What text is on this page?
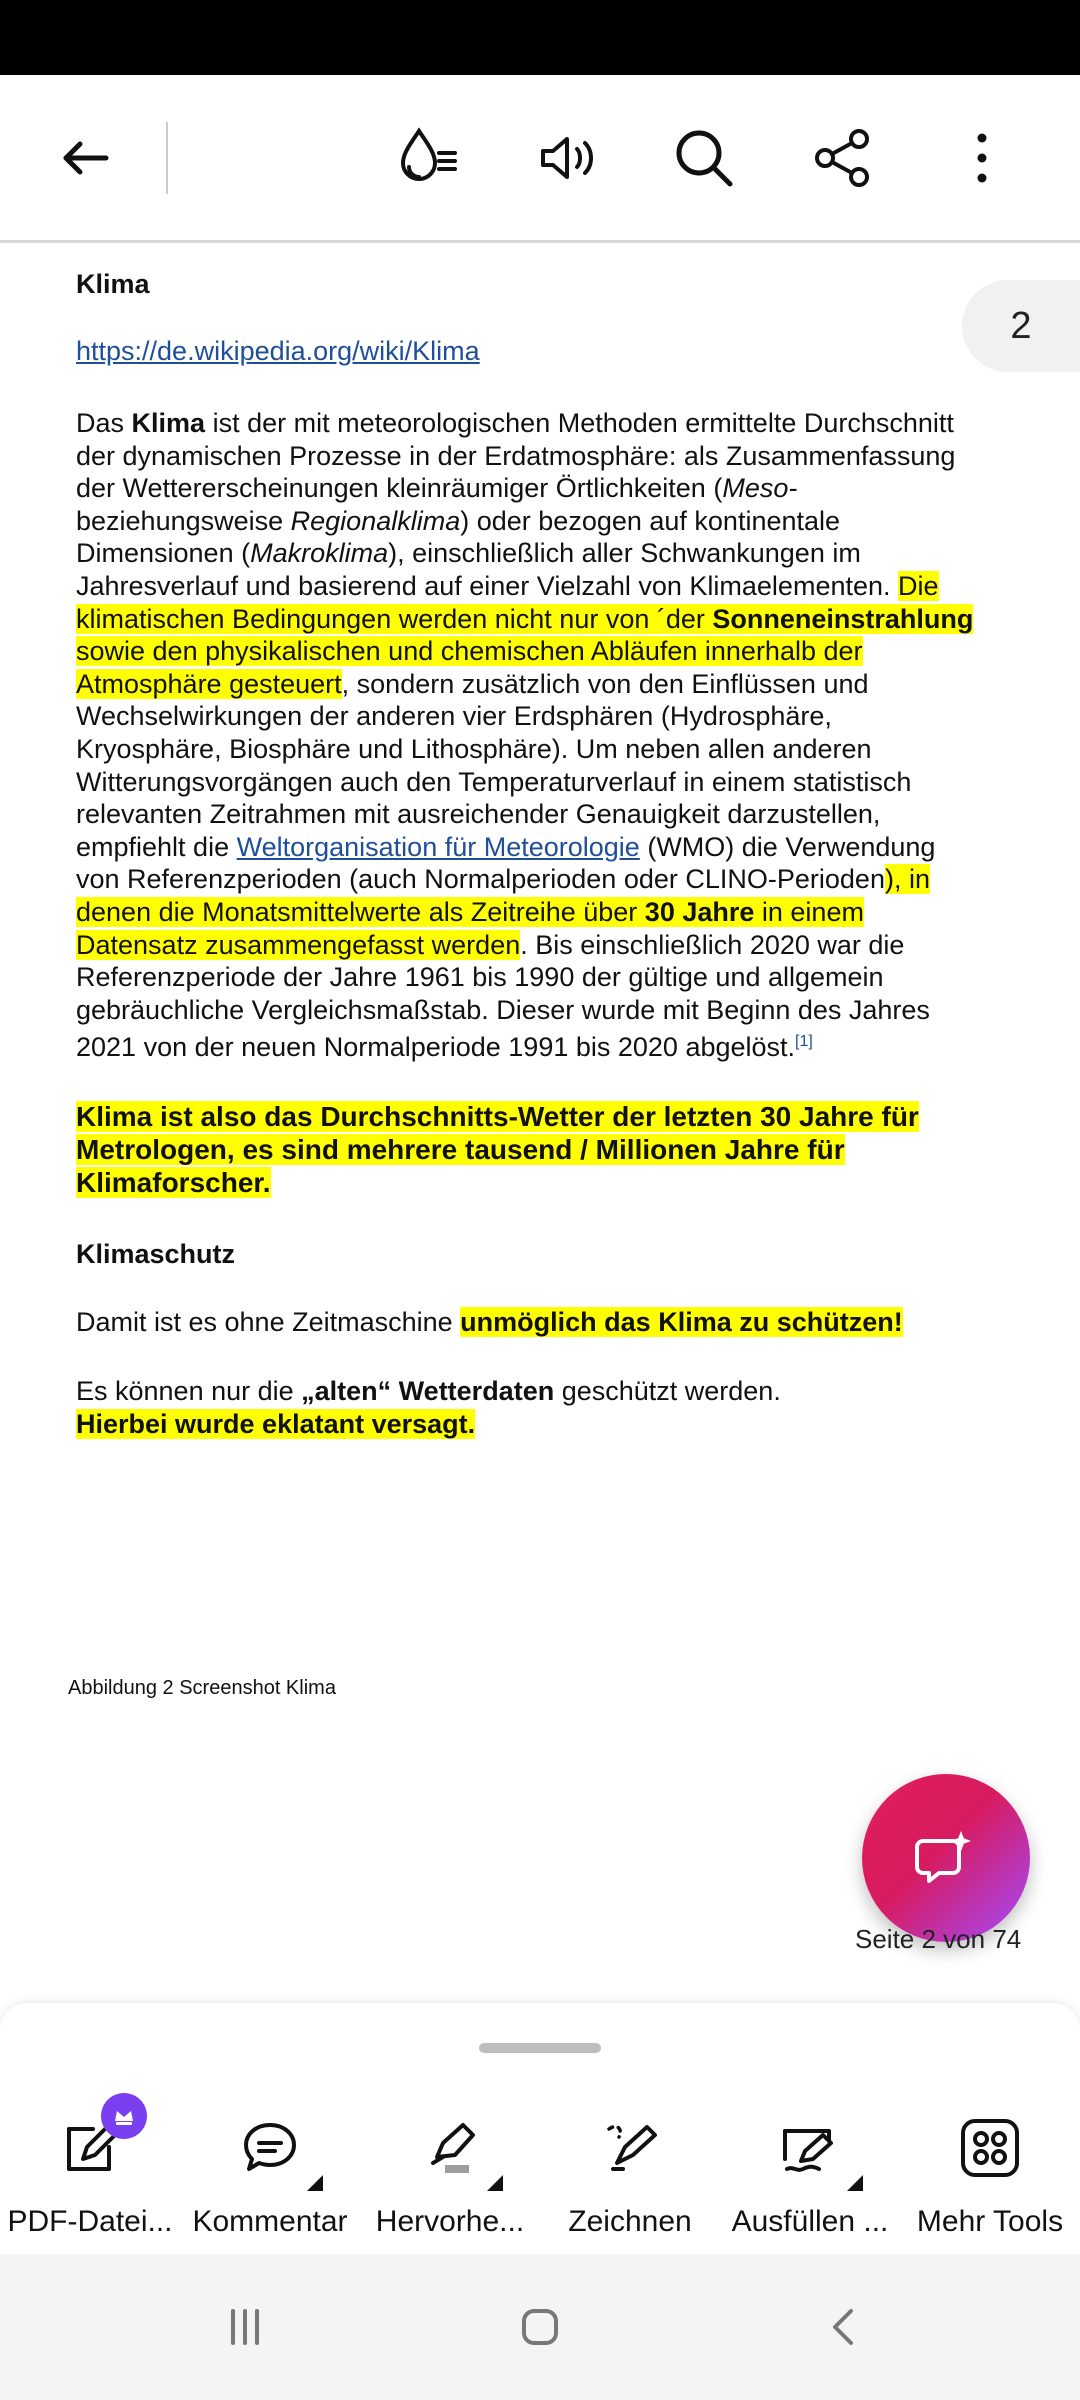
Klima
https://de.wikipedia.org/wiki/Klima

Das Klima ist der mit meteorologischen Methoden ermittelte Durchschnitt

der dynamischen Prozesse in der Erdatmosphäre: als Zusammenfassung

der Wettererscheinungen kleinräumiger Örtlichkeiten (Meso-

beziehungsweise Regionalklima) oder bezogen auf kontinentale

Dimensionen (Makroklima), einschließlich aller Schwankungen im

Jahresverlauf und basierend auf einer Vielzahl von Klimaelementen. Die

klimatischen Bedingungen werden nicht nur von ´der Sonneneinstrahlung

sowie den physikalischen und chemischen Abläufen innerhalb der

Atmosphäre gesteuert, sondern zusätzlich von den Einflüssen und

Wechselwirkungen der anderen vier Erdsphären (Hydrosphäre,

Kryosphäre, Biosphäre und Lithosphäre). Um neben allen anderen

Witterungsvorgängen auch den Temperaturverlauf in einem statistisch

relevanten Zeitrahmen mit ausreichender Genauigkeit darzustellen,

empfiehlt die Weltorganisation für Meteorologie (WMO) die Verwendung

von Referenzperioden (auch Normalperioden oder CLINO-Perioden), in

denen die Monatsmittelwerte als Zeitreihe über 30 Jahre in einem

Datensatz zusammengefasst werden. Bis einschließlich 2020 war die

Referenzperiode der Jahre 1961 bis 1990 der gültige und allgemein

gebräuchliche Vergleichsmaßstab. Dieser wurde mit Beginn des Jahres

2021 von der neuen Normalperiode 1991 bis 2020 abgelöst.[1]

Klima ist also das Durchschnitts-Wetter der letzten 30 Jahre für
Metrologen, es sind mehrere tausend / Millionen Jahre für
Klimaforscher.
Klimaschutz
Damit ist es ohne Zeitmaschine unmöglich das Klima zu schützen!
Es können nur die „alten“ Wetterdaten geschützt werden.
Hierbei wurde eklatant versagt.
Abbildung 2 Screenshot Klima
2
Seite 2 von 74
PDF-Datei... Kommentar Hervorhe... Zeichnen Ausfüllen ... Mehr Tools
